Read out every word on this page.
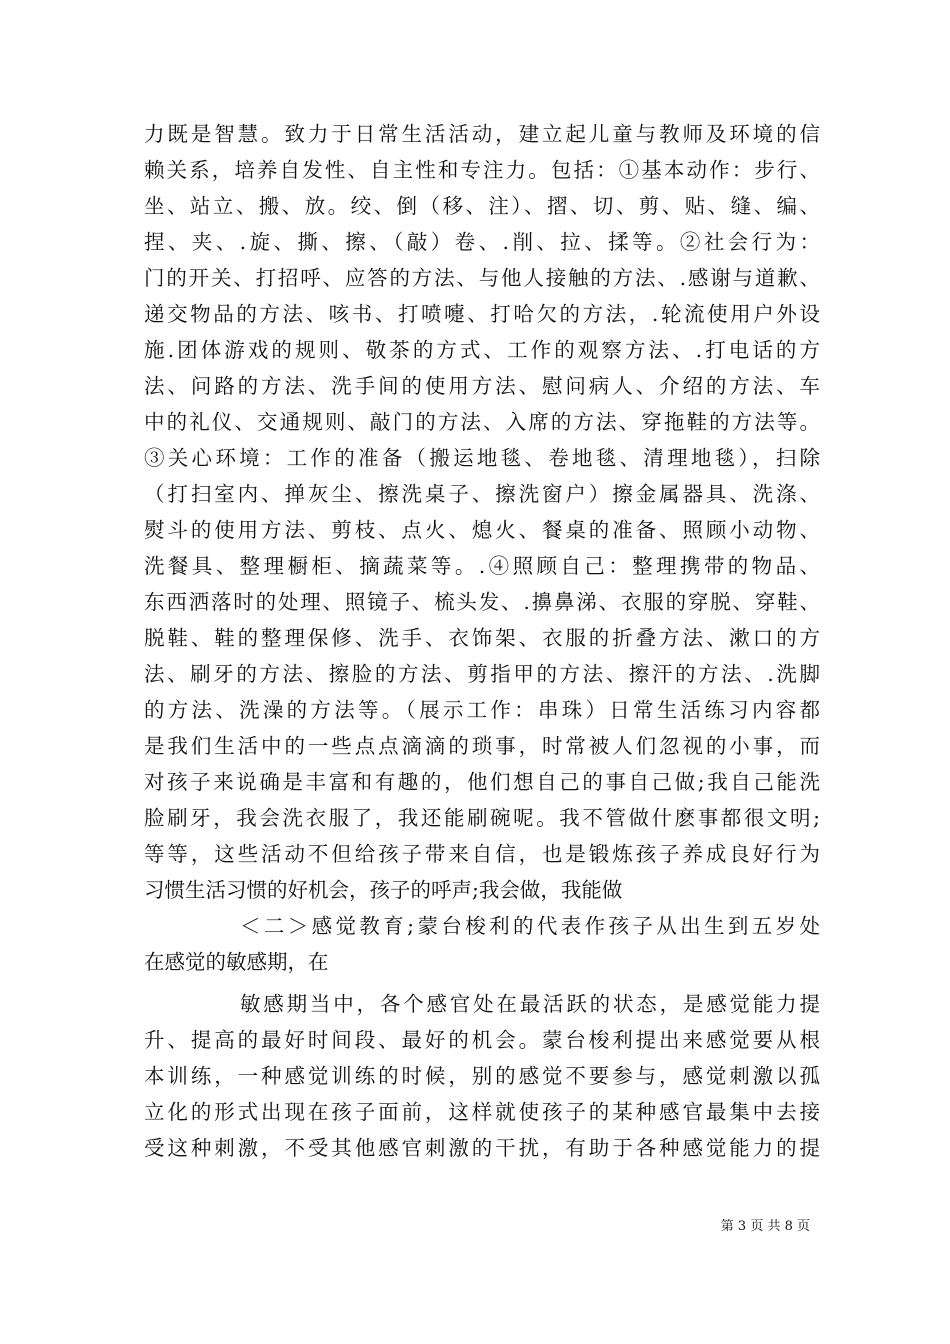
力既是智慧。致力于日常生活活动，建立起儿童与教师及环境的信
赖关系，培养自发性、自主性和专注力。包括：①基本动作：步行、
坐、站立、搬、放。绞、倒（移、注）、摺、切、剪、贴、缝、编、
捏、夹、.旋、撕、擦、（敲）卷、.削、拉、揉等。②社会行为：
门的开关、打招呼、应答的方法、与他人接触的方法、.感谢与道歉、
递交物品的方法、咳书、打喷嚏、打哈欠的方法，.轮流使用户外设
施.团体游戏的规则、敬茶的方式、工作的观察方法、.打电话的方
法、问路的方法、洗手间的使用方法、慰问病人、介绍的方法、车
中的礼仪、交通规则、敲门的方法、入席的方法、穿拖鞋的方法等。
③关心环境：工作的准备（搬运地毯、卷地毯、清理地毯），扫除
（打扫室内、掸灰尘、擦洗桌子、擦洗窗户）擦金属器具、洗涤、
熨斗的使用方法、剪枝、点火、熄火、餐桌的准备、照顾小动物、
洗餐具、整理橱柜、摘蔬菜等。.④照顾自己：整理携带的物品、
东西洒落时的处理、照镜子、梳头发、.擤鼻涕、衣服的穿脱、穿鞋、
脱鞋、鞋的整理保修、洗手、衣饰架、衣服的折叠方法、漱口的方
法、刷牙的方法、擦脸的方法、剪指甲的方法、擦汗的方法、.洗脚
的方法、洗澡的方法等。（展示工作：串珠）日常生活练习内容都
是我们生活中的一些点点滴滴的琐事，时常被人们忽视的小事，而
对孩子来说确是丰富和有趣的，他们想自己的事自己做;我自己能洗
脸刷牙，我会洗衣服了，我还能刷碗呢。我不管做什麽事都很文明;
等等，这些活动不但给孩子带来自信，也是锻炼孩子养成良好行为
习惯生活习惯的好机会，孩子的呼声;我会做，我能做
＜二＞感觉教育;蒙台梭利的代表作孩子从出生到五岁处
在感觉的敏感期，在
敏感期当中，各个感官处在最活跃的状态，是感觉能力提
升、提高的最好时间段、最好的机会。蒙台梭利提出来感觉要从根
本训练，一种感觉训练的时候，别的感觉不要参与，感觉刺激以孤
立化的形式出现在孩子面前，这样就使孩子的某种感官最集中去接
受这种刺激，不受其他感官刺激的干扰，有助于各种感觉能力的提
第 3 页 共 8 页
